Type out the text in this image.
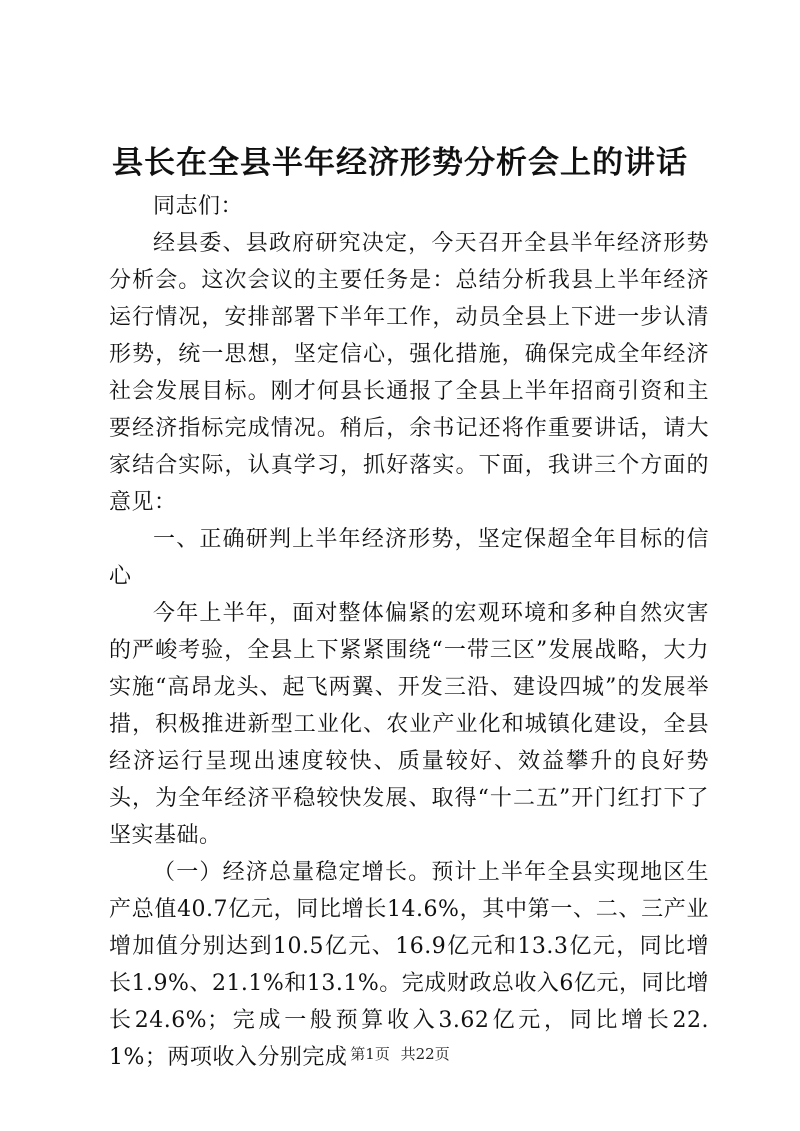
县长在全县半年经济形势分析会上的讲话

同志们：

经县委、县政府研究决定，今天召开全县半年经济形势分析会。这次会议的主要任务是：总结分析我县上半年经济运行情况，安排部署下半年工作，动员全县上下进一步认清形势，统一思想，坚定信心，强化措施，确保完成全年经济社会发展目标。刚才何县长通报了全县上半年招商引资和主要经济指标完成情况。稍后，余书记还将作重要讲话，请大家结合实际，认真学习，抓好落实。下面，我讲三个方面的意见：

一、正确研判上半年经济形势，坚定保超全年目标的信心

今年上半年，面对整体偏紧的宏观环境和多种自然灾害的严峻考验，全县上下紧紧围绕“一带三区”发展战略，大力实施“高昂龙头、起飞两翼、开发三沿、建设四城”的发展举措，积极推进新型工业化、农业产业化和城镇化建设，全县经济运行呈现出速度较快、质量较好、效益攀升的良好势头，为全年经济平稳较快发展、取得“十二五”开门红打下了坚实基础。

（一）经济总量稳定增长。预计上半年全县实现地区生产总值40.7亿元，同比增长14.6%，其中第一、二、三产业增加值分别达到10.5亿元、16.9亿元和13.3亿元，同比增长1.9%、21.1%和13.1%。完成财政总收入6亿元，同比增长24.6%；完成一般预算收入3.62亿元，同比增长22.1%；两项收入分别完成 第1页 共22页
